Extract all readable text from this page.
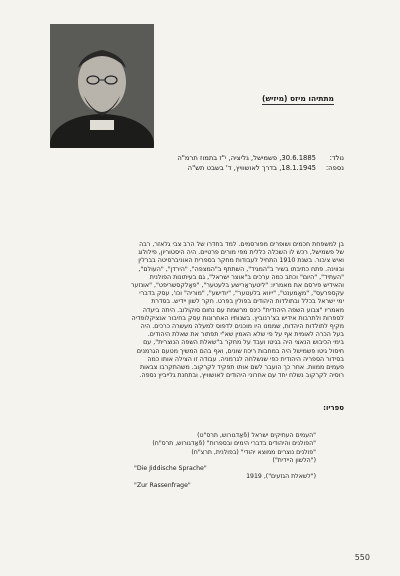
מתתיהו מיזס (מיזיש)
נולד:
30.6.1885, פשמישל, גליציה, י"ז בתמוז תרמ"ה
נספה:
18.1.1945, בדרך לאושוויץ, ד' בשבט תש"ה
בן למשפחת חכמים ושופרים מפורסמים. למד בחדרו של הרב צבי גלאזר, רבה
של פשמישל, רכש לו השכלה כללית מפי מורים פרטיים. היה היסטוריון, פילולוג
ואיש ציבור. בשנת 1910 התחיל לעבודות מחקר בספרית האוניברסיטה בברלין
ובווינה. פתח כתיבתו בשיר ב"המגיד", השתתף ב"המצפה", "הירדן", "העולם",
"העתיד", "היום" וכתב כמה ערכים ב"אוצר ישראל", גם בעיתונות הפולנית
והאידיש פירסם את מאמריו: "ליטעראַרישע בלעטער", "פאָלקסשריפט", "אונזער
עקספרעס", "מאָמענט", "ייווא בלעטער", "יודישע", "מוריה" וכו', עסק בדברי
ימי ישראל בכלל ובתולדות היהודים בפולין בפרט. חקר לשון יידיש. בסדרת
מאמריו "צבוע השפה היהודית" כינס מרשמת עם נחום סוקולוב. היתה ביעדה
לספרות ולתרבות אידיש בצ'רנוביץ. בשנותיו האחרונות עסק בחיבור אנציקלופדיה
מקיף לתולדות היהדות, שממנו היו מוכנים לדפוס למעלה מעשרה כרכים. היה
בעל הכרה לאומית אף על פי שלא האמין שא"י תפתור את שאלת היהודים.
בימי הכיבוש הנאצי היה בגיטו ועבד על מחקר ב"שאלת השפה הנוצרית", עם
חיסול גיטו פשמישל היה במחבות ריכוז שונים, ואף בהם המשיך מטעם הגרמנים
בסידור הספריה היהודית כפי שנשלחה לגרמניה. עבודה זו הצילה אותו כמה
פעמים ממוות. אחר כך הועבר לשם אותו תפקיד לקרקוב. משהתקרבו צבאות
רוסיה לקרקוב נשלח יחד עם אחרוני היהודים לאושוויץ, ובתחנת גלייביץ נספה.
ספריו:
"העמים העתיקים ישראל (פֿאַדגורוש, תרס"ט)
"הפולנים והיהודים בדברי הימים ובספרות" (פֿאַדגורוש, תרס"ח)
"פולנים נוצרים ממוצא יהודי" (בפולנית, תרצ"ח)
("הלשון היידית")
"Die Jiddische Sprache"
("לשאלת הגזעים"), 1919
"Zur Rassenfrage"
550
